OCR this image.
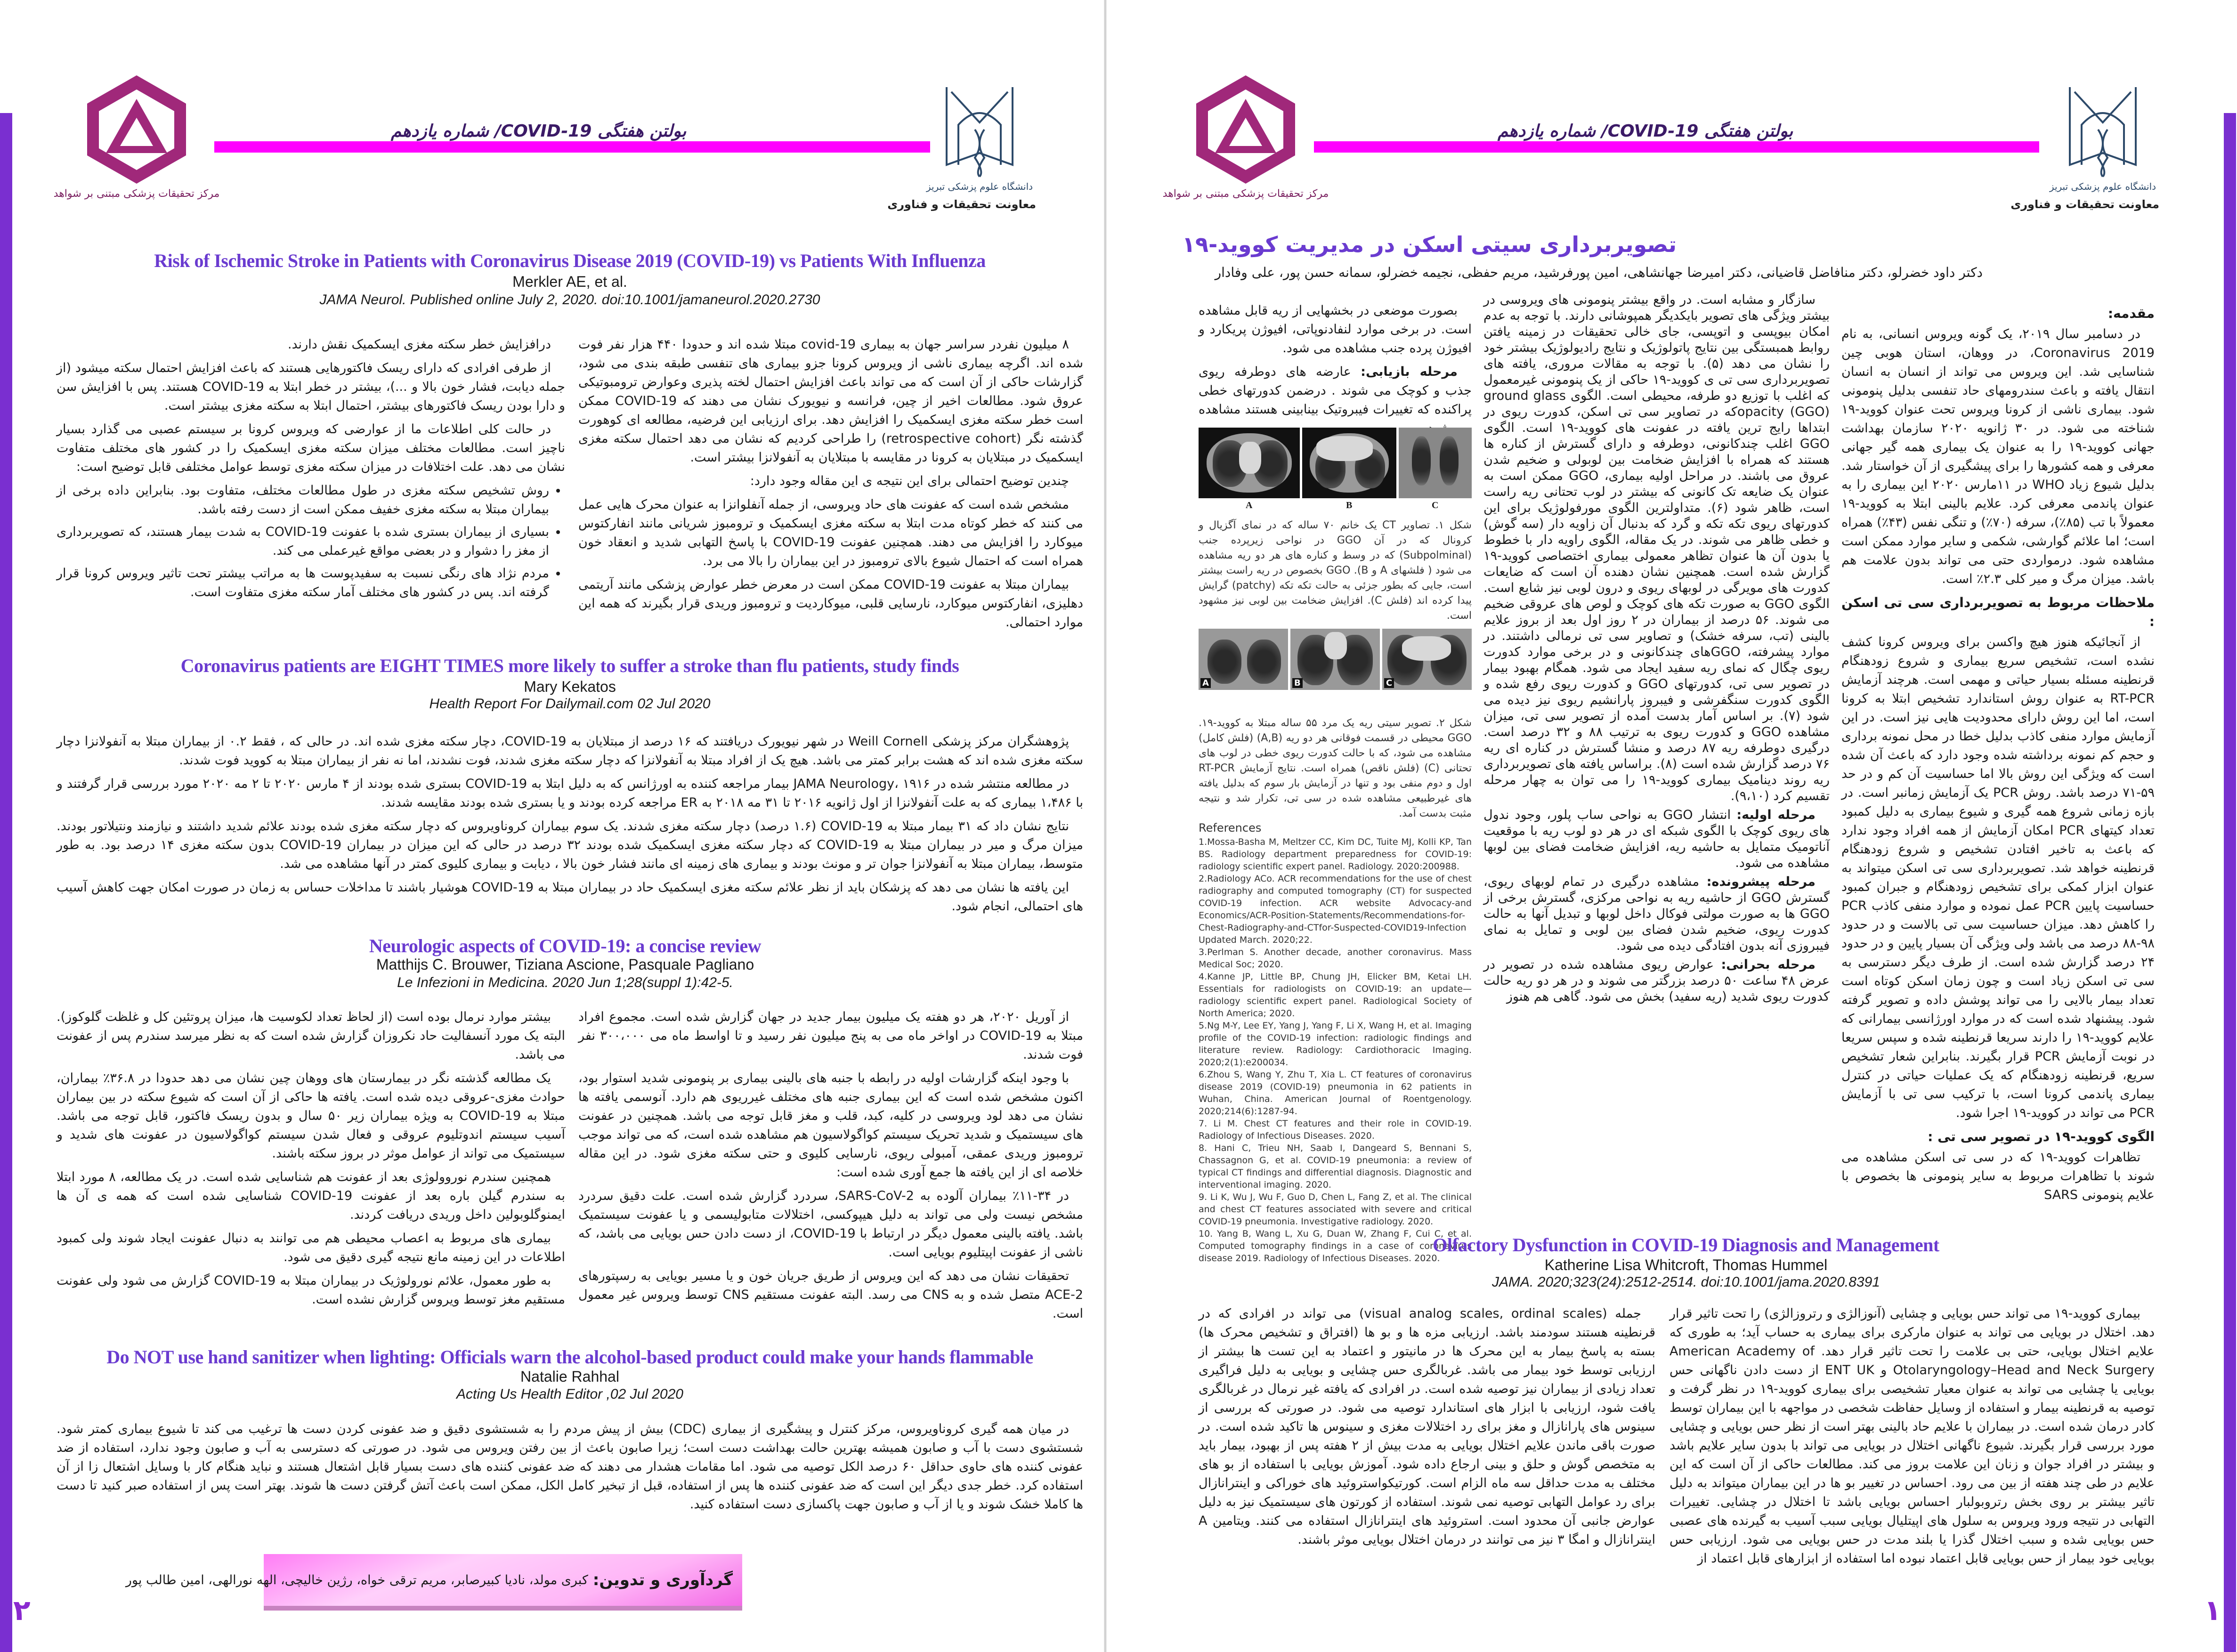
مرکز تحقیقات پزشکی مبتنی بر شواهد
بولتن هفتگی COVID-19/ شماره یازدهم
دانشگاه علوم پزشکی تبریز
معاونت تحقیقات و فناوری
Risk of Ischemic Stroke in Patients with Coronavirus Disease 2019 (COVID-19) vs Patients With Influenza
Merkler AE, et al.
JAMA Neurol. Published online July 2, 2020. doi:10.1001/jamaneurol.2020.2730

۸ میلیون نفردر سراسر جهان به بیماری covid-19 مبتلا شده اند و حدودا ۴۴۰ هزار نفر فوت شده اند. اگرچه بیماری ناشی از ویروس کرونا جزو بیماری های تنفسی طبقه بندی می شود، گزارشات حاکی از آن است که می تواند باعث افزایش احتمال لخته پذیری وعوارض ترومبوتیکی عروق شود. مطالعات اخیر از چین، فرانسه و نیویورک نشان می دهند که COVID-19 ممکن است خطر سکته مغزی ایسکمیک را افزایش دهد. برای ارزیابی این فرضیه، مطالعه ای کوهورت گذشته نگر (retrospective cohort) را طراحی کردیم که نشان می دهد احتمال سکته مغزی ایسکمیک در مبتلایان به کرونا در مقایسه با مبتلایان به آنفولانزا بیشتر است.

چندین توضیح احتمالی برای این نتیجه ی این مقاله وجود دارد:

مشخص شده است که عفونت های حاد ویروسی، از جمله آنفلوانزا به عنوان محرک هایی عمل می کنند که خطر کوتاه مدت ابتلا به سکته مغزی ایسکمیک و ترومبوز شریانی مانند انفارکتوس میوکارد را افزایش می دهند. همچنین عفونت COVID-19 با پاسخ التهابی شدید و انعقاد خون همراه است که احتمال شیوع بالای ترومبوز در این بیماران را بالا می برد.

بیماران مبتلا به عفونت COVID-19 ممکن است در معرض خطر عوارض پزشکی مانند آریتمی دهلیزی، انفارکتوس میوکارد، نارسایی قلبی، میوکاردیت و ترومبوز وریدی قرار بگیرند که همه این موارد احتمالی.

درافزایش خطر سکته مغزی ایسکمیک نقش دارند.

از طرفی افرادی که دارای ریسک فاکتورهایی هستند که باعث افزایش احتمال سکته میشود (از جمله دیابت، فشار خون بالا و ...)، بیشتر در خطر ابتلا به COVID-19 هستند. پس با افزایش سن و دارا بودن ریسک فاکتورهای بیشتر، احتمال ابتلا به سکته مغزی بیشتر است.

در حالت کلی اطلاعات ما از عوارضی که ویروس کرونا بر سیستم عصبی می گذارد بسیار ناچیز است. مطالعات مختلف میزان سکته مغزی ایسکمیک را در کشور های مختلف متفاوت نشان می دهد. علت اختلافات در میزان سکته مغزی توسط عوامل مختلفی قابل توضیح است:

• روش تشخیص سکته مغزی در طول مطالعات مختلف، متفاوت بود. بنابراین داده برخی از بیماران مبتلا به سکته مغزی خفیف ممکن است از دست رفته باشد.
• بسیاری از بیماران بستری شده با عفونت COVID-19 به شدت بیمار هستند، که تصویربرداری از مغز را دشوار و در بعضی مواقع غیرعملی می کند.
• مردم نژاد های رنگی نسبت به سفیدپوست ها به مراتب بیشتر تحت تاثیر ویروس کرونا قرار گرفته اند. پس در کشور های مختلف آمار سکته مغزی متفاوت است.
Coronavirus patients are EIGHT TIMES more likely to suffer a stroke than flu patients, study finds
Mary Kekatos
Health Report For Dailymail.com 02 Jul 2020

پژوهشگران مرکز پزشکی Weill Cornell در شهر نیویورک دریافتند که ۱۶ درصد از مبتلایان به COVID-19، دچار سکته مغزی شده اند. در حالی که ، فقط ۰.۲ از بیماران مبتلا به آنفولانزا دچار سکته مغزی شده اند که هشت برابر کمتر می باشد. هیچ یک از افراد مبتلا به آنفولانزا که دچار سکته مغزی شدند، فوت نشدند، اما نه نفر از بیماران مبتلا به کووید فوت شدند.

در مطالعه منتشر شده در JAMA Neurology، ۱۹۱۶ بیمار مراجعه کننده به اورژانس که به دلیل ابتلا به COVID-19 بستری شده بودند از ۴ مارس ۲۰۲۰ تا ۲ مه ۲۰۲۰ مورد بررسی قرار گرفتند و با ۱،۴۸۶ بیماری که به علت آنفولانزا از اول ژانویه ۲۰۱۶ تا ۳۱ مه ۲۰۱۸ به ER مراجعه کرده بودند و یا بستری شده بودند مقایسه شدند.

نتایج نشان داد که ۳۱ بیمار مبتلا به COVID-19 (۱.۶ درصد) دچار سکته مغزی شدند. یک سوم بیماران کروناویروس که دچار سکته مغزی شده بودند علائم شدید داشتند و نیازمند ونتیلاتور بودند. میزان مرگ و میر در بیماران مبتلا به COVID-19 که دچار سکته مغزی ایسکمیک شده بودند ۳۲ درصد در حالی که این میزان در بیماران COVID-19 بدون سکته مغزی ۱۴ درصد بود. به طور متوسط، بیماران مبتلا به آنفولانزا جوان تر و مونث بودند و بیماری های زمینه ای مانند فشار خون بالا ، دیابت و بیماری کلیوی کمتر در آنها مشاهده می شد.

این یافته ها نشان می دهد که پزشکان باید از نظر علائم سکته مغزی ایسکمیک حاد در بیماران مبتلا به COVID-19 هوشیار باشند تا مداخلات حساس به زمان در صورت امکان جهت کاهش آسیب های احتمالی، انجام شود.

Neurologic aspects of COVID-19: a concise review
Matthijs C. Brouwer, Tiziana Ascione, Pasquale Pagliano
Le Infezioni in Medicina. 2020 Jun 1;28(suppl 1):42-5.

از آوریل ۲۰۲۰، هر دو هفته یک میلیون بیمار جدید در جهان گزارش شده است. مجموع افراد مبتلا به COVID-19 در اواخر ماه می به پنج میلیون نفر رسید و تا اواسط ماه می ۳۰۰،۰۰۰ نفر فوت شدند.

با وجود اینکه گزارشات اولیه در رابطه با جنبه های بالینی بیماری بر پنومونی شدید استوار بود، اکنون مشخص شده است که این بیماری جنبه های مختلف غیرریوی هم دارد. آنوسمی یافته ها نشان می دهد لود ویروسی در کلیه، کبد، قلب و مغز قابل توجه می باشد. همچنین در عفونت های سیستمیک و شدید تحریک سیستم کواگولاسیون هم مشاهده شده است، که می تواند موجب ترومبوز وریدی عمقی، آمبولی ریوی، نارسایی کلیوی و حتی سکته مغزی شود. در این مقاله خلاصه ای از این یافته ها جمع آوری شده است:

در ۳۴-۱۱٪ بیماران آلوده به SARS-CoV-2، سردرد گزارش شده است. علت دقیق سردرد مشخص نیست ولی می تواند به دلیل هیپوکسی، اختلالات متابولیسمی و یا عفونت سیستمیک باشد. یافته بالینی معمول دیگر در ارتباط با COVID-19، از دست دادن حس بویایی می باشد، که ناشی از عفونت اپیتلیوم بویایی است.

تحقیقات نشان می دهد که این ویروس از طریق جریان خون و یا مسیر بویایی به رسپتورهای ACE-2 متصل شده و به CNS می رسد. البته عفونت مستقیم CNS توسط ویروس غیر معمول است.

بیشتر موارد نرمال بوده است (از لحاظ تعداد لکوسیت ها، میزان پروتئین کل و غلظت گلوکوز). البته یک مورد آنسفالیت حاد نکروزان گزارش شده است که به نظر میرسد سندرم پس از عفونت می باشد.

یک مطالعه گذشته نگر در بیمارستان های ووهان چین نشان می دهد حدودا در ۳۶.۸٪ بیماران، حوادث مغزی-عروقی دیده شده است. یافته ها حاکی از آن است که شیوع سکته در بین بیماران مبتلا به COVID-19 به ویژه بیماران زیر ۵۰ سال و بدون ریسک فاکتور، قابل توجه می باشد. آسیب سیستم اندوتلیوم عروقی و فعال شدن سیستم کواگولاسیون در عفونت های شدید و سیستمیک می تواند از عوامل موثر در بروز سکته باشند.

همچنین سندرم نوروولوژی بعد از عفونت هم شناسایی شده است. در یک مطالعه، ۸ مورد ابتلا به سندرم گیلن باره بعد از عفونت COVID-19 شناسایی شده است که همه ی آن ها ایمنوگلوبولین داخل وریدی دریافت کردند.

بیماری های مربوط به اعصاب محیطی هم می توانند به دنبال عفونت ایجاد شوند ولی کمبود اطلاعات در این زمینه مانع نتیجه گیری دقیق می شود.

به طور معمول، علائم نورولوژیک در بیماران مبتلا به COVID-19 گزارش می شود ولی عفونت مستقیم مغز توسط ویروس گزارش نشده است.

Do NOT use hand sanitizer when lighting: Officials warn the alcohol-based product could make your hands flammable
Natalie Rahhal
Acting Us Health Editor ,02 Jul 2020

در میان همه گیری کروناویروس، مرکز کنترل و پیشگیری از بیماری (CDC) بیش از پیش مردم را به شستشوی دقیق و ضد عفونی کردن دست ها ترغیب می کند تا شیوع بیماری کمتر شود. شستشوی دست با آب و صابون همیشه بهترین حالت بهداشت دست است؛ زیرا صابون باعث از بین رفتن ویروس می شود. در صورتی که دسترسی به آب و صابون وجود ندارد، استفاده از ضد عفونی کننده های حاوی حداقل ۶۰ درصد الکل توصیه می شود. اما مقامات هشدار می دهند که ضد عفونی کننده های دست بسیار قابل اشتعال هستند و نباید هنگام کار با وسایل اشتعال زا از آن استفاده کرد. خطر جدی دیگر این است که ضد عفونی کننده ها پس از استفاده، قبل از تبخیر کامل الکل، ممکن است باعث آتش گرفتن دست ها شوند. بهتر است پس از استفاده صبر کنید تا دست ها کاملا خشک شوند و یا از آب و صابون جهت پاکسازی دست استفاده کنید.

گردآوری و تدوین:
کبری مولد، نادیا کبیرصابر، مریم ترقی خواه، رژین خالیچی، الهه نورالهی، امین طالب پور
۲
مرکز تحقیقات پزشکی مبتنی بر شواهد
بولتن هفتگی COVID-19/ شماره یازدهم
دانشگاه علوم پزشکی تبریز
معاونت تحقیقات و فناوری
تصویربرداری سیتی اسکن در مدیریت کووید-۱۹
دکتر داود خضرلو، دکتر منافاضل قاضیانی، دکتر امیرضا جهانشاهی، امین پورفرشید، مریم حفظی، نجیمه خضرلو، سمانه حسن پور، علی وفادار
مقدمه:

در دسامبر سال ۲۰۱۹، یک گونه ویروس انسانی، به نام Coronavirus 2019، در ووهان، استان هوبی چین شناسایی شد. این ویروس می تواند از انسان به انسان انتقال یافته و باعث سندرومهای حاد تنفسی بدلیل پنومونی شود. بیماری ناشی از کرونا ویروس تحت عنوان کووید-۱۹ شناخته می شود. در ۳۰ ژانویه ۲۰۲۰ سازمان بهداشت جهانی کووید-۱۹ را به عنوان یک بیماری همه گیر جهانی معرفی و همه کشورها را برای پیشگیری از آن خواستار شد. بدلیل شیوع زیاد WHO در ۱۱مارس ۲۰۲۰ این بیماری را به عنوان پاندمی معرفی کرد. علایم بالینی ابتلا به کووید-۱۹ معمولاً با تب (۸۵٪)، سرفه (۷۰٪) و تنگی نفس (۴۳٪) همراه است؛ اما علائم گوارشی، شکمی و سایر موارد ممکن است مشاهده شود. درمواردی حتی می تواند بدون علامت هم باشد. میزان مرگ و میر کلی ۲.۳٪ است.

ملاحظات مربوط به تصویربرداری سی تی اسکن :

از آنجائیکه هنوز هیچ واکسن برای ویروس کرونا کشف نشده است، تشخیص سریع بیماری و شروع زودهنگام قرنطینه مسئله بسیار حیاتی و مهمی است. هرچند آزمایش RT-PCR به عنوان روش استاندارد تشخیص ابتلا به کرونا است، اما این روش دارای محدودیت هایی نیز است. در این آزمایش موارد منفی کاذب بدلیل خطا در محل نمونه برداری و حجم کم نمونه برداشته شده وجود دارد که باعث آن شده است که ویژگی این روش بالا اما حساسیت آن کم و در حد ۵۹-۷۱ درصد باشد. روش PCR یک آزمایش زمانبر است. در بازه زمانی شروع همه گیری و شیوع بیماری به دلیل کمبود تعداد کیتهای PCR امکان آزمایش از همه افراد وجود ندارد که باعث به تاخیر افتادن تشخیص و شروع زودهنگام قرنطینه خواهد شد. تصویربرداری سی تی اسکن میتواند به عنوان ابزار کمکی برای تشخیص زودهنگام و جبران کمبود حساسیت پایین PCR عمل نموده و موارد منفی کاذب PCR را کاهش دهد. میزان حساسیت سی تی بالاست و در حدود ۹۸-۸۸ درصد می باشد ولی ویژگی آن بسیار پایین و در حدود ۲۴ درصد گزارش شده است. از طرف دیگر دسترسی به سی تی اسکن زیاد است و چون زمان اسکن کوتاه است تعداد بیمار بالایی را می تواند پوشش داده و تصویر گرفته شود. پیشنهاد شده است که در موارد اورژانسی بیمارانی که علایم کووید-۱۹ را دارند سریعا قرنطینه شده و سپس سریعا در نوبت آزمایش PCR قرار بگیرند. بنابراین شعار تشخیص سریع، قرنطینه زودهنگام که یک عملیات حیاتی در کنترل بیماری پاندمی کرونا است، با ترکیب سی تی با آزمایش PCR می تواند در کووید-۱۹ اجرا شود.

الگوی کووید-۱۹ در تصویر سی تی :

تظاهرات کووید-۱۹ که در سی تی اسکن مشاهده می شوند با تظاهرات مربوط به سایر پنومونی ها بخصوص با علایم پنومونی SARS

سازگار و مشابه است. در واقع بیشتر پنومونی های ویروسی در بیشتر ویژگی های تصویر بایکدیگر همپوشانی دارند. با توجه به عدم امکان بیوپسی و اتوپسی، جای خالی تحقیقات در زمینه یافتن روابط همبستگی بین نتایج پاتولوژیک و نتایج رادیولوژیک بیشتر خود را نشان می دهد (۵). با توجه به مقالات مروری، یافته های تصویربرداری سی تی ی کووید-۱۹ حاکی از یک پنومونی غیرمعمول که اغلب با توزیع دو طرفه، محیطی است. الگوی ground glass opacity (GGO)که در تصاویر سی تی اسکن، کدورت ریوی در ابتداها رایج ترین یافته در عفونت های کووید-۱۹ است. الگوی GGO اغلب چندکانونی، دوطرفه و دارای گسترش از کناره ها هستند که همراه با افزایش ضخامت بین لوبولی و ضخیم شدن عروق می باشند. در مراحل اولیه بیماری، GGO ممکن است به عنوان یک ضایعه تک کانونی که بیشتر در لوب تحتانی ریه راست است، ظاهر شود (۶). متداولترین الگوی مورفولوژیک برای این کدورتهای ریوی تکه تکه و گرد که بدنبال آن زاویه دار (سه گوش) و خطی ظاهر می شوند. در یک مقاله، الگوی راویه دار با خطوط یا بدون آن ها عنوان تظاهر معمولی بیماری اختصاصی کووید-۱۹ گزارش شده است. همچنین نشان دهنده آن است که ضایعات کدورت های مویرگی در لوبهای ریوی و درون لوبی نیز شایع است. الگوی GGO به صورت تکه های کوچک و لوص های عروقی ضخیم می شوند. ۵۶ درصد از بیماران در ۲ روز اول بعد از بروز علایم بالینی (تب، سرفه خشک) و تصاویر سی تی نرمالی داشتند. در موارد پیشرفته، GGOهای چندکانونی و در برخی موارد کدورت ریوی چگال که نمای ریه سفید ایجاد می شود. همگام بهبود بیمار در تصویر سی تی، کدورتهای GGO و کدورت ریوی رفع شده و الگوی کدورت سنگفرشی و فیبروز پارانشیم ریوی نیز دیده می شود (۷). بر اساس آمار بدست آمده از تصویر سی تی، میزان مشاهده GGO و کدورت ریوی به ترتیب ۸۸ و ۳۲ درصد است. درگیری دوطرفه ریه ۸۷ درصد و منشا گسترش در کناره ای ریه ۷۶ درصد گزارش شده است (۸). براساس یافته های تصویربرداری ریه روند دینامیک بیماری کووید-۱۹ را می توان به چهار مرحله تقسیم کرد (۹،۱۰).

مرحله اولیه: انتشار GGO به نواحی ساب پلور، وجود ندول های ریوی کوچک با الگوی شبکه ای در هر دو لوب ریه با موقعیت آناتومیک متمایل به حاشیه ریه، افزایش ضخامت فضای بین لوبها مشاهده می شود.

مرحله پیشرونده: مشاهده درگیری در تمام لوبهای ریوی، گسترش GGO از حاشیه ریه به نواحی مرکزی، گسترش برخی از GGO ها به صورت مولتی فوکال داخل لوبها و تبدیل آنها به حالت کدورت ریوی، ضخیم شدن فضای بین لوبی و تمایل به نمای فیبروزی آنه بدون افتادگی دیده می شود.

مرحله بحرانی: عوارض ریوی مشاهده شده در تصویر در عرض ۴۸ ساعت ۵۰ درصد بزرگتر می شوند و در هر دو ریه حالت کدورت ریوی شدید (ریه سفید) بخش می شود. گاهی هم هنوز

بصورت موضعی در بخشهایی از ریه قابل مشاهده است. در برخی موارد لنفادنوپاتی، افیوژن پریکارد و افیوژن پرده جنب مشاهده می شود.

مرحله بازیابی: عارضه های دوطرفه ریوی جذب و کوچک می شوند . درضمن کدورتهای خطی پراکنده که تغییرات فیبروتیک بینابینی هستند مشاهده

A	B	C
شکل ۱. تصاویر CT یک خانم ۷۰ ساله که در نمای آگزیال و کرونال که در آن GGO در نواحی زیرپرده جنب (Subpolminal) که در وسط و کناره های هر دو ریه مشاهده می شود ( فلشهای A و B). GGO بخصوص در ریه راست بیشتر است، جایی که بطور جزئی به حالت تکه تکه (patchy) گرایش پیدا کرده اند (فلش C). افزایش ضخامت بین لوبی نیز مشهود است.
A	B	C
شکل ۲. تصویر سیتی ریه یک مرد ۵۵ ساله مبتلا به کووید-۱۹. GGO محیطی در قسمت فوقانی هر دو ریه (A,B) (فلش کامل) مشاهده می شود، که با حالت کدورت ریوی خطی در لوب های تحتانی (C) (فلش ناقص) همراه است. نتایج آزمایش RT-PCR اول و دوم منفی بود و تنها در آزمایش بار سوم که بدلیل یافته های غیرطبیعی مشاهده شده در سی تی، تکرار شد و نتیجه مثبت بدست آمد.
References
1.Mossa-Basha M, Meltzer CC, Kim DC, Tuite MJ, Kolli KP, Tan BS. Radiology department preparedness for COVID-19: radiology scientific expert panel. Radiology. 2020:200988.
2.Radiology ACo. ACR recommendations for the use of chest radiography and computed tomography (CT) for suspected COVID-19 infection. ACR website Advocacy-and Economics/ACR-Position-Statements/Recommendations-for-Chest-Radiography-and-CTfor-Suspected-COVID19-Infection Updated March. 2020;22.
3.Perlman S. Another decade, another coronavirus. Mass Medical Soc; 2020.
4.Kanne JP, Little BP, Chung JH, Elicker BM, Ketai LH. Essentials for radiologists on COVID-19: an update—radiology scientific expert panel. Radiological Society of North America; 2020.
5.Ng M-Y, Lee EY, Yang J, Yang F, Li X, Wang H, et al. Imaging profile of the COVID-19 infection: radiologic findings and literature review. Radiology: Cardiothoracic Imaging. 2020;2(1):e200034.
6.Zhou S, Wang Y, Zhu T, Xia L. CT features of coronavirus disease 2019 (COVID-19) pneumonia in 62 patients in Wuhan, China. American Journal of Roentgenology. 2020;214(6):1287-94.
7. Li M. Chest CT features and their role in COVID-19. Radiology of Infectious Diseases. 2020.
8. Hani C, Trieu NH, Saab I, Dangeard S, Bennani S, Chassagnon G, et al. COVID-19 pneumonia: a review of typical CT findings and differential diagnosis. Diagnostic and interventional imaging. 2020.
9. Li K, Wu J, Wu F, Guo D, Chen L, Fang Z, et al. The clinical and chest CT features associated with severe and critical COVID-19 pneumonia. Investigative radiology. 2020.
10. Yang B, Wang L, Xu G, Duan W, Zhang F, Cui C, et al. Computed tomography findings in a case of coronavirus disease 2019. Radiology of Infectious Diseases. 2020.
Olfactory Dysfunction in COVID-19 Diagnosis and Management
Katherine Lisa Whitcroft, Thomas Hummel
JAMA. 2020;323(24):2512-2514. doi:10.1001/jama.2020.8391

بیماری کووید-۱۹ می تواند حس بویایی و چشایی (آنوزالژی و رتروزالژی) را تحت تاثیر قرار دهد. اختلال در بویایی می تواند به عنوان مارکری برای بیماری به حساب آید؛ به طوری که علایم اختلال بویایی، حتی بی علامت را تحت تاثیر قرار دهد. American Academy of Otolaryngology–Head and Neck Surgery و ENT UK از دست دادن ناگهانی حس بویایی یا چشایی می تواند به عنوان معیار تشخیصی برای بیماری کووید-۱۹ در نظر گرفت و توصیه به قرنطینه بیمار و استفاده از وسایل حفاظت شخصی در مواجهه با این بیماران توسط کادر درمان شده است. در بیماران با علایم حاد بالینی بهتر است از نظر حس بویایی و چشایی مورد بررسی قرار بگیرند. شیوع ناگهانی اختلال در بویایی می تواند با بدون سایر علایم باشد و بیشتر در افراد جوان و زنان این علامت بروز می کند. مطالعات حاکی از آن است که این علایم در طی چند هفته از بین می رود. احساس در تغییر بو ها در این بیماران میتواند به دلیل تاثیر بیشتر بر روی بخش رتروبولبار احساس بویایی باشد تا اختلال در چشایی. تغییرات التهابی در نتیجه ورود ویروس به سلول های اپیتلیال بویایی سبب آسیب به گیرنده های عصبی حس بویایی شده و سبب اختلال گذرا یا بلند مدت در حس بویایی می شود. ارزیابی حس بویایی خود بیمار از حس بویایی قابل اعتماد نبوده اما استفاده از ابزارهای قابل اعتماد از

جمله (visual analog scales, ordinal scales) می تواند در افرادی که در قرنطینه هستند سودمند باشد. ارزیابی مزه ها و بو ها (افتراق و تشخیص محرک ها) بسته به پاسخ بیمار به این محرک ها در مانیتور و اعتماد به این تست ها بیشتر از ارزیابی توسط خود بیمار می باشد. غربالگری حس چشایی و بویایی به دلیل فراگیری تعداد زیادی از بیماران نیز توصیه شده است. در افرادی که یافته غیر نرمال در غربالگری یافت شود، ارزیابی با ابزار های استاندارد توصیه می شود. در صورتی که بررسی از سینوس های پارانازال و مغز برای رد اختلالات مغزی و سینوس ها تاکید شده است. در صورت باقی ماندن علایم اختلال بویایی به مدت بیش از ۲ هفته پس از بهبود، بیمار باید به متخصص گوش و حلق و بینی ارجاع داده شود. آموزش بویایی با استفاده از بو های مختلف به مدت حداقل سه ماه الزام است. کورتیکواستروئید های خوراکی و اینترانازال برای رد عوامل التهابی توصیه نمی شوند. استفاده از کورتون های سیستمیک نیز به دلیل عوارض جانبی آن محدود است. استروئید های اینترانازال استفاده می کنند. ویتامین A اینترانازال و امگا ۳ نیز می توانند در درمان اختلال بویایی موثر باشند.

۱
